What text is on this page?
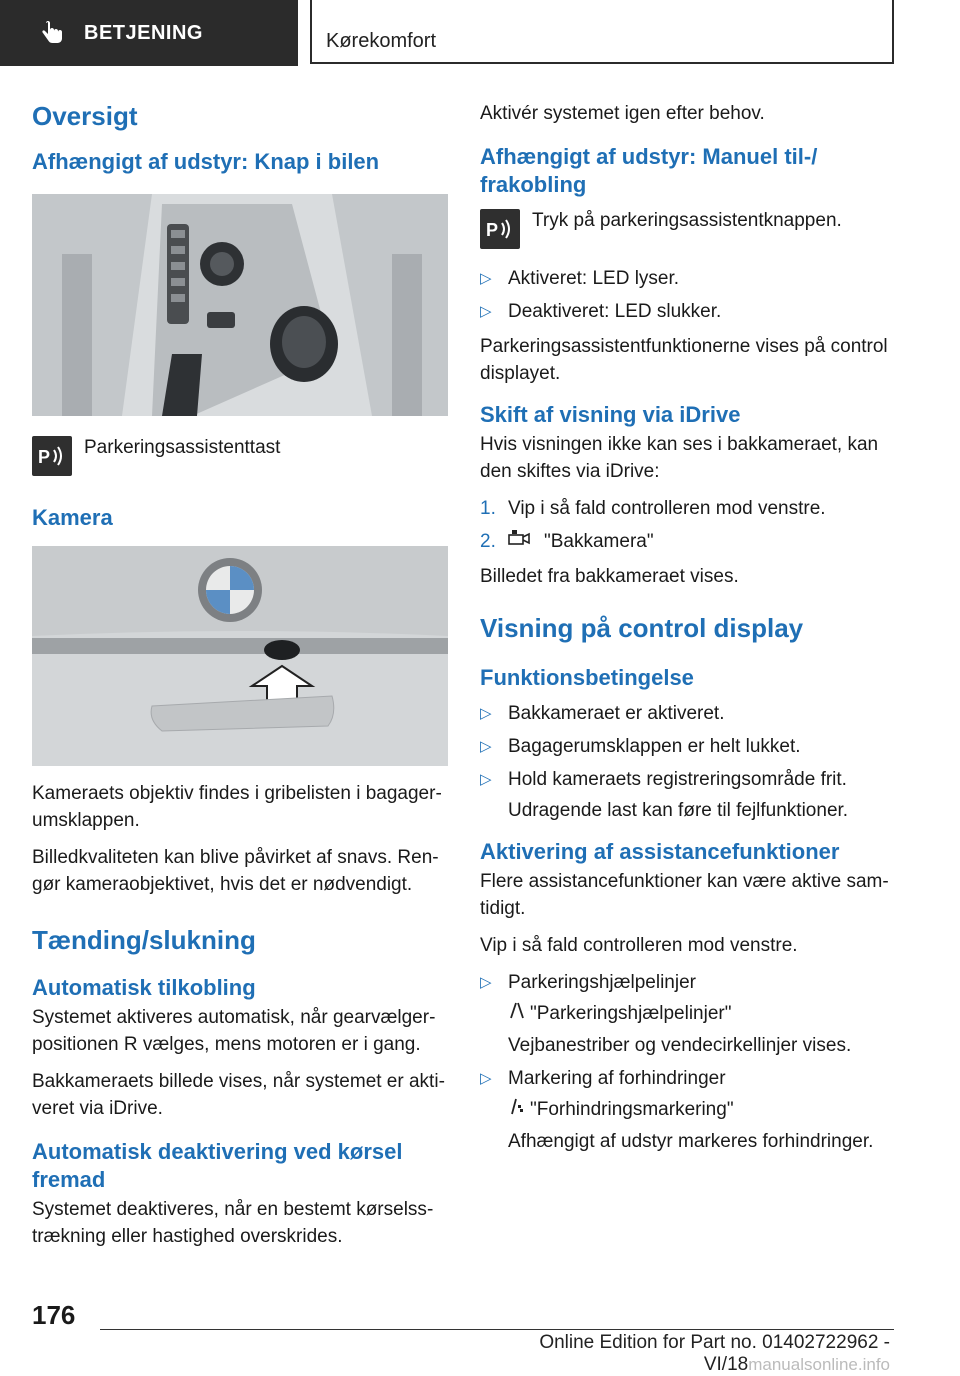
BETJENING	Kørekomfort
Oversigt
Afhængigt af udstyr: Knap i bilen
P Parkeringsassistenttast
Kamera

Kameraets objektiv findes i gribelisten i bagagerumsklappen.

Billedkvaliteten kan blive påvirket af snavs. Rengør kameraobjektivet, hvis det er nødvendigt.

Tænding/slukning
Automatisk tilkobling

Systemet aktiveres automatisk, når gearvælgerpositionen R vælges, mens motoren er i gang.

Bakkameraets billede vises, når systemet er aktiveret via iDrive.

Automatisk deaktivering ved kørsel fremad

Systemet deaktiveres, når en bestemt kørselsstrækning eller hastighed overskrides.

Aktivér systemet igen efter behov.

Afhængigt af udstyr: Manuel til-/ frakobling
P Tryk på parkeringsassistentknappen.
▷ Aktiveret: LED lyser.
▷ Deaktiveret: LED slukker.

Parkeringsassistentfunktionerne vises på control displayet.

Skift af visning via iDrive

Hvis visningen ikke kan ses i bakkameraet, kan den skiftes via iDrive:

1. Vip i så fald controlleren mod venstre.
2.	"Bakkamera"

Billedet fra bakkameraet vises.

Visning på control display
Funktionsbetingelse
▷ Bakkameraet er aktiveret.
▷ Bagagerumsklappen er helt lukket.
▷ Hold kameraets registreringsområde frit.
Udragende last kan føre til fejlfunktioner.
Aktivering af assistancefunktioner

Flere assistancefunktioner kan være aktive samtidigt.

Vip i så fald controlleren mod venstre.

▷ Parkeringshjælpelinjer
"Parkeringshjælpelinjer"
Vejbanestriber og vendecirkellinjer vises.
▷ Markering af forhindringer
"Forhindringsmarkering"
Afhængigt af udstyr markeres forhindringer.
176
Online Edition for Part no. 01402722962 - VI/18manualsonline.info
